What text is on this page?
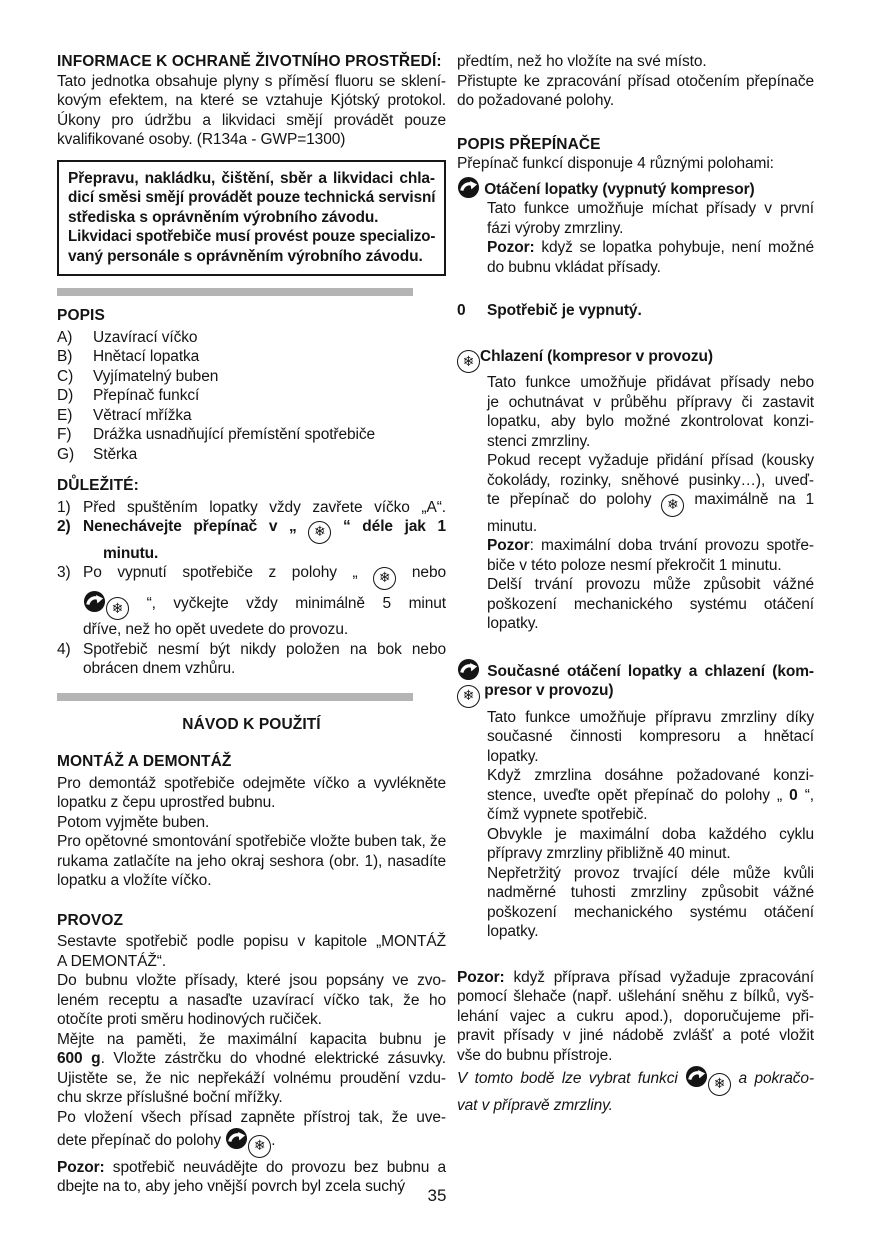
INFORMACE K OCHRANĚ ŽIVOTNÍHO PROSTŘEDÍ:
Tato jednotka obsahuje plyny s příměsí fluoru se sklení-
kovým efektem, na které se vztahuje Kjótský protokol.
Úkony pro údržbu a likvidaci smějí provádět pouze
kvalifikované osoby. (R134a - GWP=1300)
Přepravu, nakládku, čištění, sběr a likvidaci chla-
dicí směsi smějí provádět pouze technická servisní
střediska s oprávněním výrobního závodu.
Likvidaci spotřebiče musí provést pouze specializo-
vaný personále s oprávněním výrobního závodu.
POPIS
A) Uzavírací víčko
B) Hnětací lopatka
C) Vyjímatelný buben
D) Přepínač funkcí
E) Větrací mřížka
F) Drážka usnadňující přemístění spotřebiče
G) Stěrka
DŮLEŽITÉ:
1) Před spuštěním lopatky vždy zavřete víčko „A“.
2) Nenechávejte přepínač v „ ❄ “ déle jak 1
minutu.
3) Po vypnutí spotřebiče z polohy „ ❄ nebo
❄ “, vyčkejte vždy minimálně 5 minut
dříve, než ho opět uvedete do provozu.
4) Spotřebič nesmí být nikdy položen na bok nebo
obrácen dnem vzhůru.
NÁVOD K POUŽITÍ
MONTÁŽ A DEMONTÁŽ
Pro demontáž spotřebiče odejměte víčko a vyvlékněte
lopatku z čepu uprostřed bubnu.
Potom vyjměte buben.
Pro opětovné smontování spotřebiče vložte buben tak, že
rukama zatlačíte na jeho okraj seshora (obr. 1), nasadíte
lopatku a vložíte víčko.
PROVOZ
Sestavte spotřebič podle popisu v kapitole „MONTÁŽ
A DEMONTÁŽ“.
Do bubnu vložte přísady, které jsou popsány ve zvo-
leném receptu a nasaďte uzavírací víčko tak, že ho
otočíte proti směru hodinových ručiček.
Mějte na paměti, že maximální kapacita bubnu je
600 g. Vložte zástrčku do vhodné elektrické zásuvky.
Ujistěte se, že nic nepřekáží volnému proudění vzdu-
chu skrze příslušné boční mřížky.
Po vložení všech přísad zapněte přístroj tak, že uve-
dete přepínač do polohy ❄ .
Pozor: spotřebič neuvádějte do provozu bez bubnu a
dbejte na to, aby jeho vnější povrch byl zcela suchý
předtím, než ho vložíte na své místo.
Přistupte ke zpracování přísad otočením přepínače
do požadované polohy.
POPIS PŘEPÍNAČE
Přepínač funkcí disponuje 4 různými polohami:
Otáčení lopatky (vypnutý kompresor)
Tato funkce umožňuje míchat přísady v první
fázi výroby zmrzliny.
Pozor: když se lopatka pohybuje, není možné
do bubnu vkládat přísady.
0 Spotřebič je vypnutý.
❄ Chlazení (kompresor v provozu)
Tato funkce umožňuje přidávat přísady nebo
je ochutnávat v průběhu přípravy či zastavit
lopatku, aby bylo možné zkontrolovat konzi-
stenci zmrzliny.
Pokud recept vyžaduje přidání přísad (kousky
čokolády, rozinky, sněhové pusinky…), uveď-
te přepínač do polohy ❄ maximálně na 1
minutu.
Pozor: maximální doba trvání provozu spotře-
biče v této poloze nesmí překročit 1 minutu.
Delší trvání provozu může způsobit vážné
poškození mechanického systému otáčení
lopatky.
Současné otáčení lopatky a chlazení (kom-
❄ presor v provozu)
Tato funkce umožňuje přípravu zmrzliny díky
současné činnosti kompresoru a hnětací
lopatky.
Když zmrzlina dosáhne požadované konzi-
stence, uveďte opět přepínač do polohy „ 0 “,
čímž vypnete spotřebič.
Obvykle je maximální doba každého cyklu
přípravy zmrzliny přibližně 40 minut.
Nepřetržitý provoz trvající déle může kvůli
nadměrné tuhosti zmrzliny způsobit vážné
poškození mechanického systému otáčení
lopatky.
Pozor: když příprava přísad vyžaduje zpracování
pomocí šlehače (např. ušlehání sněhu z bílků, vyš-
lehání vajec a cukru apod.), doporučujeme při-
pravit přísady v jiné nádobě zvlášť a poté vložit
vše do bubnu přístroje.
V tomto bodě lze vybrat funkci ❄ a pokračo-
vat v přípravě zmrzliny.
35
